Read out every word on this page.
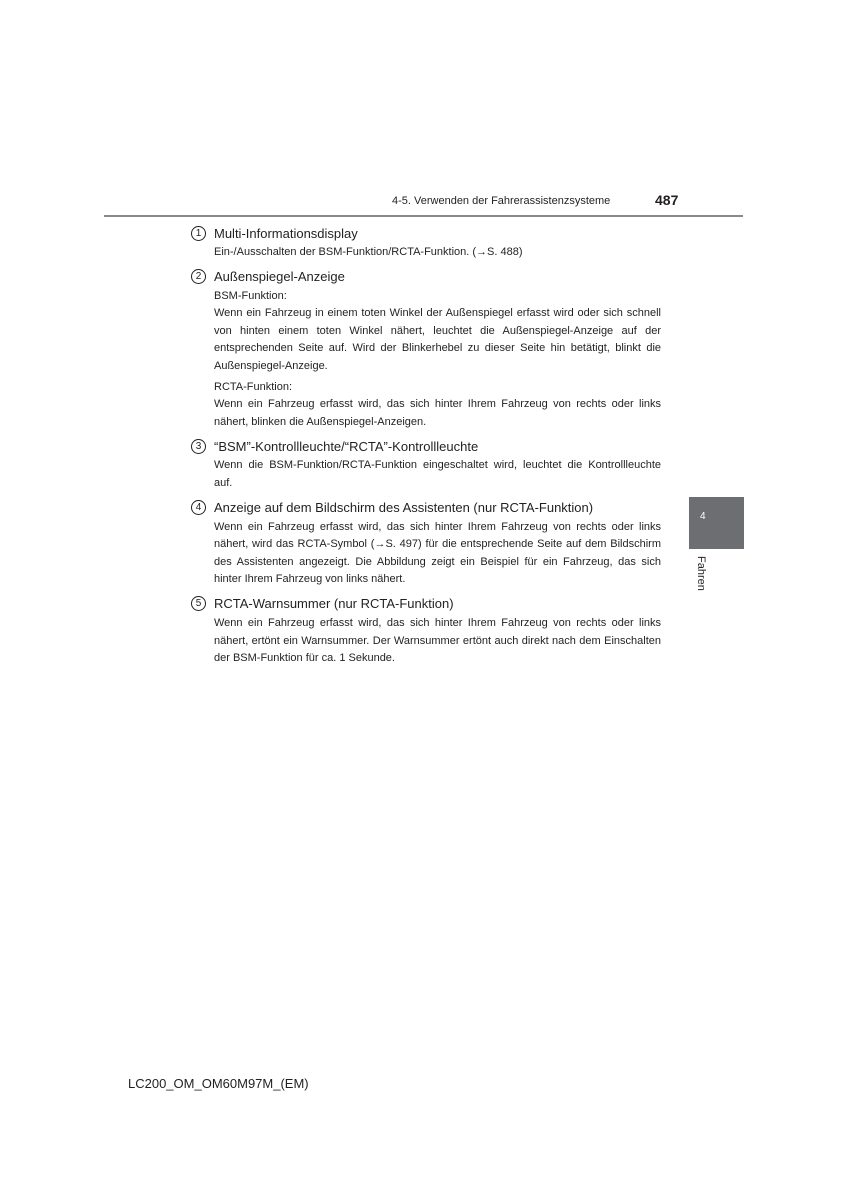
4-5. Verwenden der Fahrerassistenzsysteme	487
1 Multi-Informationsdisplay

Ein-/Ausschalten der BSM-Funktion/RCTA-Funktion. (→S. 488)

2 Außenspiegel-Anzeige

BSM-Funktion:

Wenn ein Fahrzeug in einem toten Winkel der Außenspiegel erfasst wird oder sich schnell von hinten einem toten Winkel nähert, leuchtet die Außenspiegel-Anzeige auf der entsprechenden Seite auf. Wird der Blinkerhebel zu dieser Seite hin betätigt, blinkt die Außenspiegel-Anzeige.

RCTA-Funktion:

Wenn ein Fahrzeug erfasst wird, das sich hinter Ihrem Fahrzeug von rechts oder links nähert, blinken die Außenspiegel-Anzeigen.

3 “BSM”-Kontrollleuchte/“RCTA”-Kontrollleuchte

Wenn die BSM-Funktion/RCTA-Funktion eingeschaltet wird, leuchtet die Kontrollleuchte auf.

4 Anzeige auf dem Bildschirm des Assistenten (nur RCTA-Funktion)

Wenn ein Fahrzeug erfasst wird, das sich hinter Ihrem Fahrzeug von rechts oder links nähert, wird das RCTA-Symbol (→S. 497) für die entsprechende Seite auf dem Bildschirm des Assistenten angezeigt. Die Abbildung zeigt ein Beispiel für ein Fahrzeug, das sich hinter Ihrem Fahrzeug von links nähert.

5 RCTA-Warnsummer (nur RCTA-Funktion)

Wenn ein Fahrzeug erfasst wird, das sich hinter Ihrem Fahrzeug von rechts oder links nähert, ertönt ein Warnsummer. Der Warnsummer ertönt auch direkt nach dem Einschalten der BSM-Funktion für ca. 1 Sekunde.

4
Fahren
LC200_OM_OM60M97M_(EM)
